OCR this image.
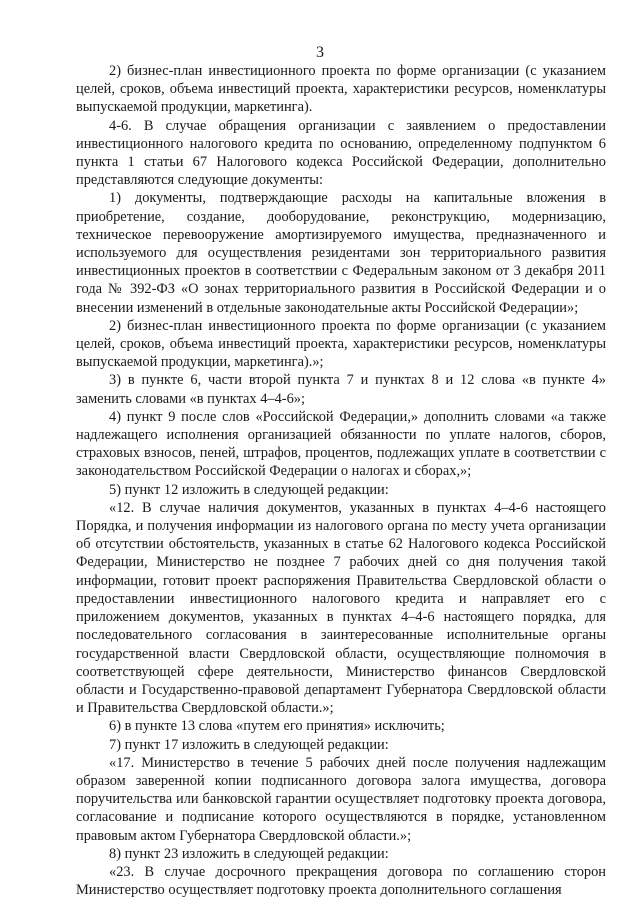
3

2) бизнес-план инвестиционного проекта по форме организации (с указанием целей, сроков, объема инвестиций проекта, характеристики ресурсов, номенклатуры выпускаемой продукции, маркетинга).

4-6. В случае обращения организации с заявлением о предоставлении инвестиционного налогового кредита по основанию, определенному подпунктом 6 пункта 1 статьи 67 Налогового кодекса Российской Федерации, дополнительно представляются следующие документы:

1) документы, подтверждающие расходы на капитальные вложения в приобретение, создание, дооборудование, реконструкцию, модернизацию, техническое перевооружение амортизируемого имущества, предназначенного и используемого для осуществления резидентами зон территориального развития инвестиционных проектов в соответствии с Федеральным законом от 3 декабря 2011 года № 392-ФЗ «О зонах территориального развития в Российской Федерации и о внесении изменений в отдельные законодательные акты Российской Федерации»;

2) бизнес-план инвестиционного проекта по форме организации (с указанием целей, сроков, объема инвестиций проекта, характеристики ресурсов, номенклатуры выпускаемой продукции, маркетинга).»;

3) в пункте 6, части второй пункта 7 и пунктах 8 и 12 слова «в пункте 4» заменить словами «в пунктах 4–4-6»;

4) пункт 9 после слов «Российской Федерации,» дополнить словами «а также надлежащего исполнения организацией обязанности по уплате налогов, сборов, страховых взносов, пеней, штрафов, процентов, подлежащих уплате в соответствии с законодательством Российской Федерации о налогах и сборах,»;

5) пункт 12 изложить в следующей редакции:

«12. В случае наличия документов, указанных в пунктах 4–4-6 настоящего Порядка, и получения информации из налогового органа по месту учета организации об отсутствии обстоятельств, указанных в статье 62 Налогового кодекса Российской Федерации, Министерство не позднее 7 рабочих дней со дня получения такой информации, готовит проект распоряжения Правительства Свердловской области о предоставлении инвестиционного налогового кредита и направляет его с приложением документов, указанных в пунктах 4–4-6 настоящего порядка, для последовательного согласования в заинтересованные исполнительные органы государственной власти Свердловской области, осуществляющие полномочия в соответствующей сфере деятельности, Министерство финансов Свердловской области и Государственно-правовой департамент Губернатора Свердловской области и Правительства Свердловской области.»;

6) в пункте 13 слова «путем его принятия» исключить;

7) пункт 17 изложить в следующей редакции:

«17. Министерство в течение 5 рабочих дней после получения надлежащим образом заверенной копии подписанного договора залога имущества, договора поручительства или банковской гарантии осуществляет подготовку проекта договора, согласование и подписание которого осуществляются в порядке, установленном правовым актом Губернатора Свердловской области.»;

8) пункт 23 изложить в следующей редакции:

«23. В случае досрочного прекращения договора по соглашению сторон Министерство осуществляет подготовку проекта дополнительного соглашения
